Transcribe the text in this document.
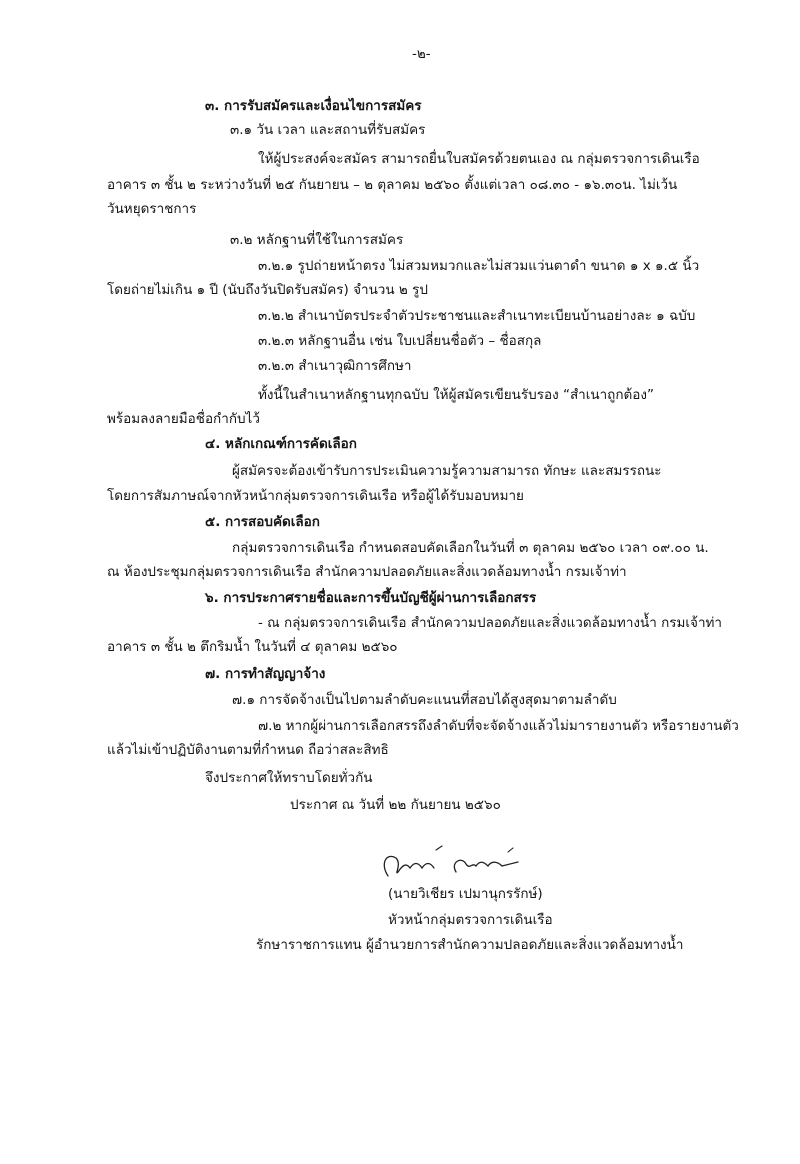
-๒-
๓. การรับสมัครและเงื่อนไขการสมัคร
๓.๑ วัน เวลา และสถานที่รับสมัคร
ให้ผู้ประสงค์จะสมัคร สามารถยื่นใบสมัครด้วยตนเอง ณ กลุ่มตรวจการเดินเรือ
อาคาร ๓ ชั้น ๒ ระหว่างวันที่ ๒๕ กันยายน – ๒ ตุลาคม ๒๕๖๐ ตั้งแต่เวลา ๐๘.๓๐ - ๑๖.๓๐น. ไม่เว้น
วันหยุดราชการ
๓.๒ หลักฐานที่ใช้ในการสมัคร
๓.๒.๑ รูปถ่ายหน้าตรง ไม่สวมหมวกและไม่สวมแว่นตาดำ ขนาด ๑ x ๑.๕ นิ้ว
โดยถ่ายไม่เกิน ๑ ปี (นับถึงวันปิดรับสมัคร) จำนวน ๒ รูป
๓.๒.๒ สำเนาบัตรประจำตัวประชาชนและสำเนาทะเบียนบ้านอย่างละ ๑ ฉบับ
๓.๒.๓ หลักฐานอื่น เช่น ใบเปลี่ยนชื่อตัว – ชื่อสกุล
๓.๒.๓ สำเนาวุฒิการศึกษา
ทั้งนี้ในสำเนาหลักฐานทุกฉบับ ให้ผู้สมัครเขียนรับรอง “สำเนาถูกต้อง”
พร้อมลงลายมือชื่อกำกับไว้
๔. หลักเกณฑ์การคัดเลือก
ผู้สมัครจะต้องเข้ารับการประเมินความรู้ความสามารถ ทักษะ และสมรรถนะ
โดยการสัมภาษณ์จากหัวหน้ากลุ่มตรวจการเดินเรือ หรือผู้ได้รับมอบหมาย
๕. การสอบคัดเลือก
กลุ่มตรวจการเดินเรือ กำหนดสอบคัดเลือกในวันที่ ๓ ตุลาคม ๒๕๖๐ เวลา ๐๙.๐๐ น.
ณ ห้องประชุมกลุ่มตรวจการเดินเรือ สำนักความปลอดภัยและสิ่งแวดล้อมทางน้ำ กรมเจ้าท่า
๖. การประกาศรายชื่อและการขึ้นบัญชีผู้ผ่านการเลือกสรร
- ณ กลุ่มตรวจการเดินเรือ สำนักความปลอดภัยและสิ่งแวดล้อมทางน้ำ กรมเจ้าท่า
อาคาร ๓ ชั้น ๒ ตึกริมน้ำ ในวันที่ ๔ ตุลาคม ๒๕๖๐
๗. การทำสัญญาจ้าง
๗.๑ การจัดจ้างเป็นไปตามลำดับคะแนนที่สอบได้สูงสุดมาตามลำดับ
๗.๒ หากผู้ผ่านการเลือกสรรถึงลำดับที่จะจัดจ้างแล้วไม่มารายงานตัว หรือรายงานตัว
แล้วไม่เข้าปฏิบัติงานตามที่กำหนด ถือว่าสละสิทธิ
จึงประกาศให้ทราบโดยทั่วกัน
ประกาศ ณ วันที่ ๒๒ กันยายน ๒๕๖๐
(นายวิเชียร เปมานุกรรักษ์)
หัวหน้ากลุ่มตรวจการเดินเรือ
รักษาราชการแทน ผู้อำนวยการสำนักความปลอดภัยและสิ่งแวดล้อมทางน้ำ
